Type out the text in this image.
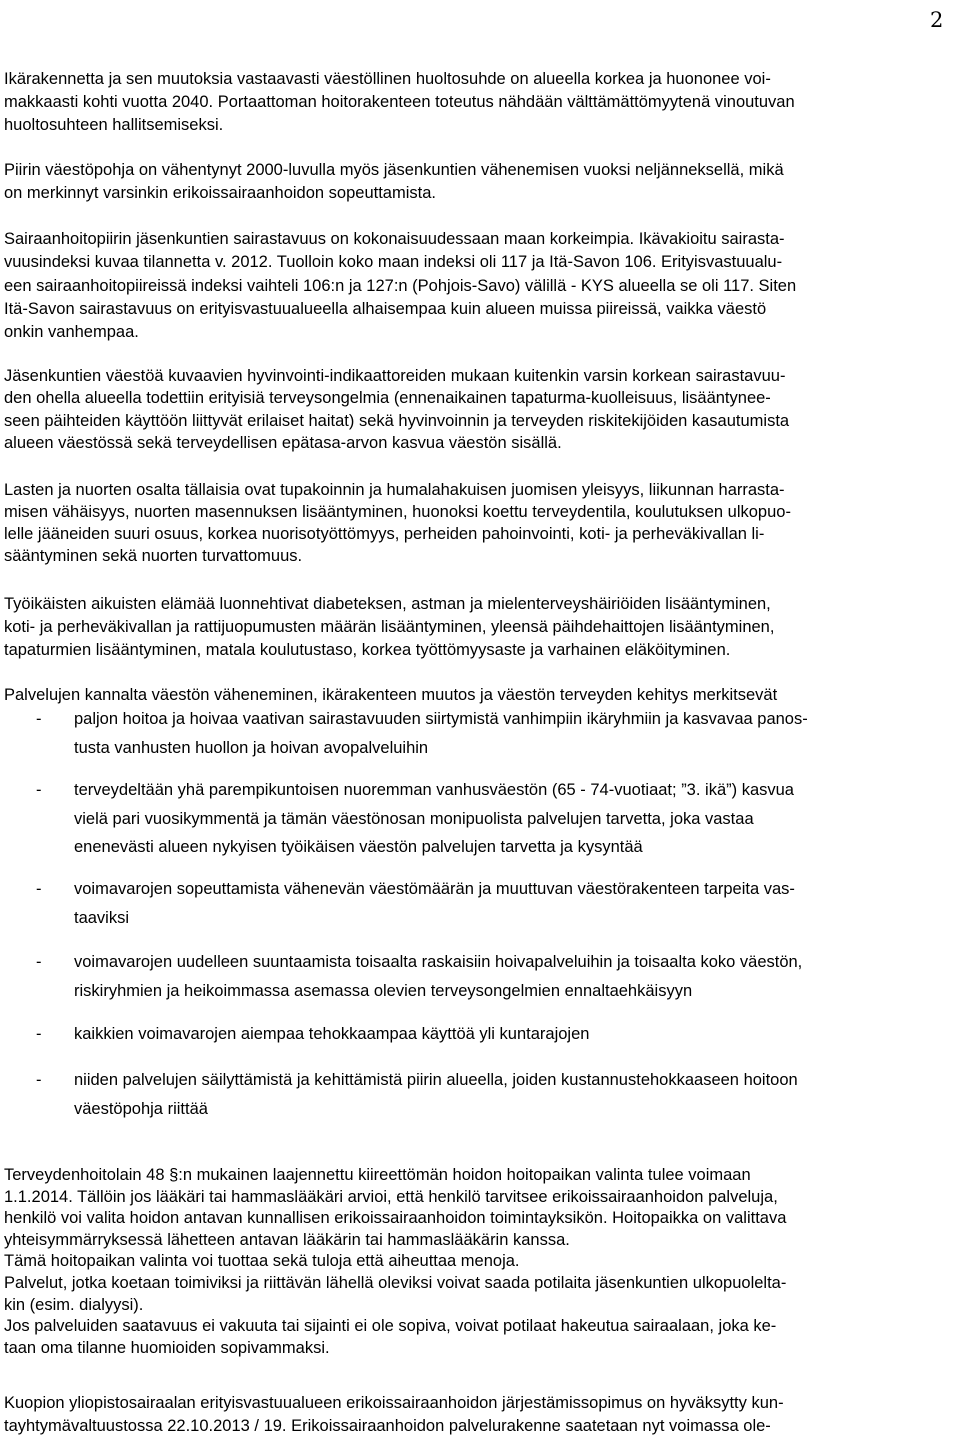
2
Ikärakennetta ja sen muutoksia vastaavasti väestöllinen huoltosuhde on alueella korkea ja huononee voi-
makkaasti kohti vuotta 2040. Portaattoman hoitorakenteen toteutus nähdään välttämättömyytenä vinoutuvan
huoltosuhteen hallitsemiseksi.
Piirin väestöpohja on vähentynyt 2000-luvulla myös jäsenkuntien vähenemisen vuoksi neljänneksellä, mikä
on merkinnyt varsinkin erikoissairaanhoidon sopeuttamista.
Sairaanhoitopiirin jäsenkuntien sairastavuus on kokonaisuudessaan maan korkeimpia. Ikävakioitu sairasta-
vuusindeksi kuvaa tilannetta v. 2012. Tuolloin koko maan indeksi oli 117 ja Itä-Savon 106. Erityisvastuualu-
een sairaanhoitopiireissä indeksi vaihteli 106:n ja 127:n (Pohjois-Savo) välillä - KYS alueella se oli 117. Siten
Itä-Savon sairastavuus on erityisvastuualueella alhaisempaa kuin alueen muissa piireissä, vaikka väestö
onkin vanhempaa.
Jäsenkuntien väestöä kuvaavien hyvinvointi-indikaattoreiden mukaan kuitenkin varsin korkean sairastavuu-
den ohella alueella todettiin erityisiä terveysongelmia (ennenaikainen tapaturma-kuolleisuus, lisääntynee-
seen päihteiden käyttöön liittyvät erilaiset haitat) sekä hyvinvoinnin ja terveyden riskitekijöiden kasautumista
alueen väestössä sekä terveydellisen epätasa-arvon kasvua väestön sisällä.
Lasten ja nuorten osalta tällaisia ovat tupakoinnin ja humalahakuisen juomisen yleisyys, liikunnan harrasta-
misen vähäisyys, nuorten masennuksen lisääntyminen, huonoksi koettu terveydentila, koulutuksen ulkopuo-
lelle jääneiden suuri osuus, korkea nuorisotyöttömyys, perheiden pahoinvointi, koti- ja perheväkivallan li-
sääntyminen sekä nuorten turvattomuus.
Työikäisten aikuisten elämää luonnehtivat diabeteksen, astman ja mielenterveyshäiriöiden lisääntyminen,
koti- ja perheväkivallan ja rattijuopumusten määrän lisääntyminen, yleensä päihdehaittojen lisääntyminen,
tapaturmien lisääntyminen, matala koulutustaso, korkea työttömyysaste ja varhainen eläköityminen.
Palvelujen kannalta väestön väheneminen, ikärakenteen muutos ja väestön terveyden kehitys merkitsevät
- paljon hoitoa ja hoivaa vaativan sairastavuuden siirtymistä vanhimpiin ikäryhmiin ja kasvavaa panos-
tusta vanhusten huollon ja hoivan avopalveluihin
- terveydeltään yhä parempikuntoisen nuoremman vanhusväestön (65 - 74-vuotiaat; ”3. ikä”) kasvua
vielä pari vuosikymmentä ja tämän väestönosan monipuolista palvelujen tarvetta, joka vastaa
enenevästi alueen nykyisen työikäisen väestön palvelujen tarvetta ja kysyntää
- voimavarojen sopeuttamista vähenevän väestömäärän ja muuttuvan väestörakenteen tarpeita vas-
taaviksi
- voimavarojen uudelleen suuntaamista toisaalta raskaisiin hoivapalveluihin ja toisaalta koko väestön,
riskiryhmien ja heikoimmassa asemassa olevien terveysongelmien ennaltaehkäisyyn
- kaikkien voimavarojen aiempaa tehokkaampaa käyttöä yli kuntarajojen
- niiden palvelujen säilyttämistä ja kehittämistä piirin alueella, joiden kustannustehokkaaseen hoitoon
väestöpohja riittää
Terveydenhoitolain 48 §:n mukainen laajennettu kiireettömän hoidon hoitopaikan valinta tulee voimaan
1.1.2014. Tällöin jos lääkäri tai hammaslääkäri arvioi, että henkilö tarvitsee erikoissairaanhoidon palveluja,
henkilö voi valita hoidon antavan kunnallisen erikoissairaanhoidon toimintayksikön. Hoitopaikka on valittava
yhteisymmärryksessä lähetteen antavan lääkärin tai hammaslääkärin kanssa.
Tämä hoitopaikan valinta voi tuottaa sekä tuloja että aiheuttaa menoja.
Palvelut, jotka koetaan toimiviksi ja riittävän lähellä oleviksi voivat saada potilaita jäsenkuntien ulkopuolelta-
kin (esim. dialyysi).
Jos palveluiden saatavuus ei vakuuta tai sijainti ei ole sopiva, voivat potilaat hakeutua sairaalaan, joka ke-
taan oma tilanne huomioiden sopivammaksi.
Kuopion yliopistosairaalan erityisvastuualueen erikoissairaanhoidon järjestämissopimus on hyväksytty kun-
tayhtymävaltuustossa 22.10.2013 / 19. Erikoissairaanhoidon palvelurakenne saatetaan nyt voimassa ole-
